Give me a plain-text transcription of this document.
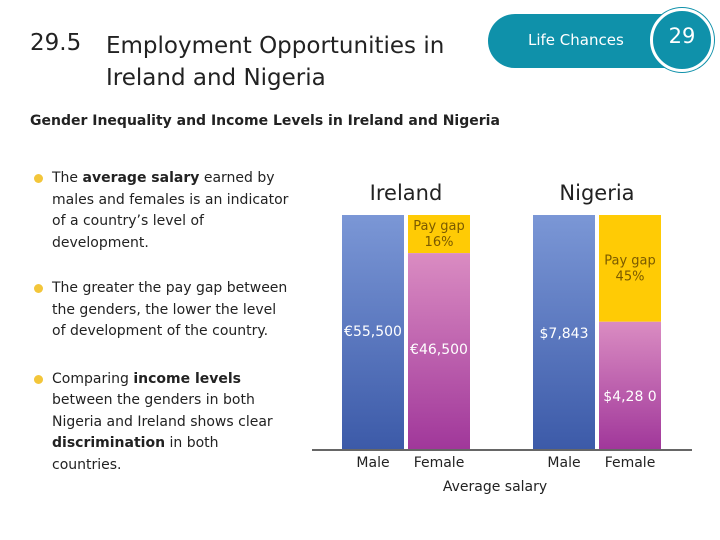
29.5 Employment Opportunities in Ireland and Nigeria
Life Chances	29
Gender Inequality and Income Levels in Ireland and Nigeria
The average salary earned by males and females is an indicator of a country’s level of development.
The greater the pay gap between the genders, the lower the level of development of the country.
Comparing income levels between the genders in both Nigeria and Ireland shows clear discrimination in both countries.
Ireland
Pay gap
16%
€55,500
€46,500
Male Female
Nigeria
Pay gap
45%
$7,843
$4,28 0
Male Female
Average salary
